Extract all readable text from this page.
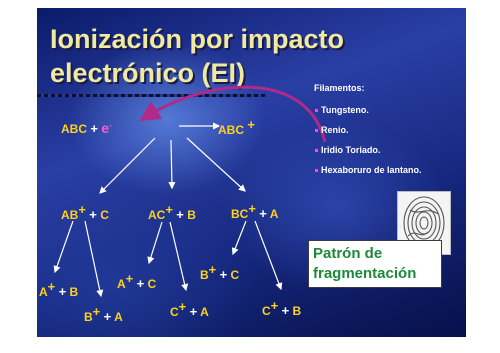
Ionización por impacto
electrónico (EI)
ABC + e-	ABC +
AB+ + C	AC+ + B	BC+ + A
A+ + B
B+ + A
A+ + C
C+ + A
B+ + C
C+ + B
Filamentos:
Tungsteno.
Renio.
Iridio Toriado.
Hexaboruro de lantano.
Patrón de
fragmentación
